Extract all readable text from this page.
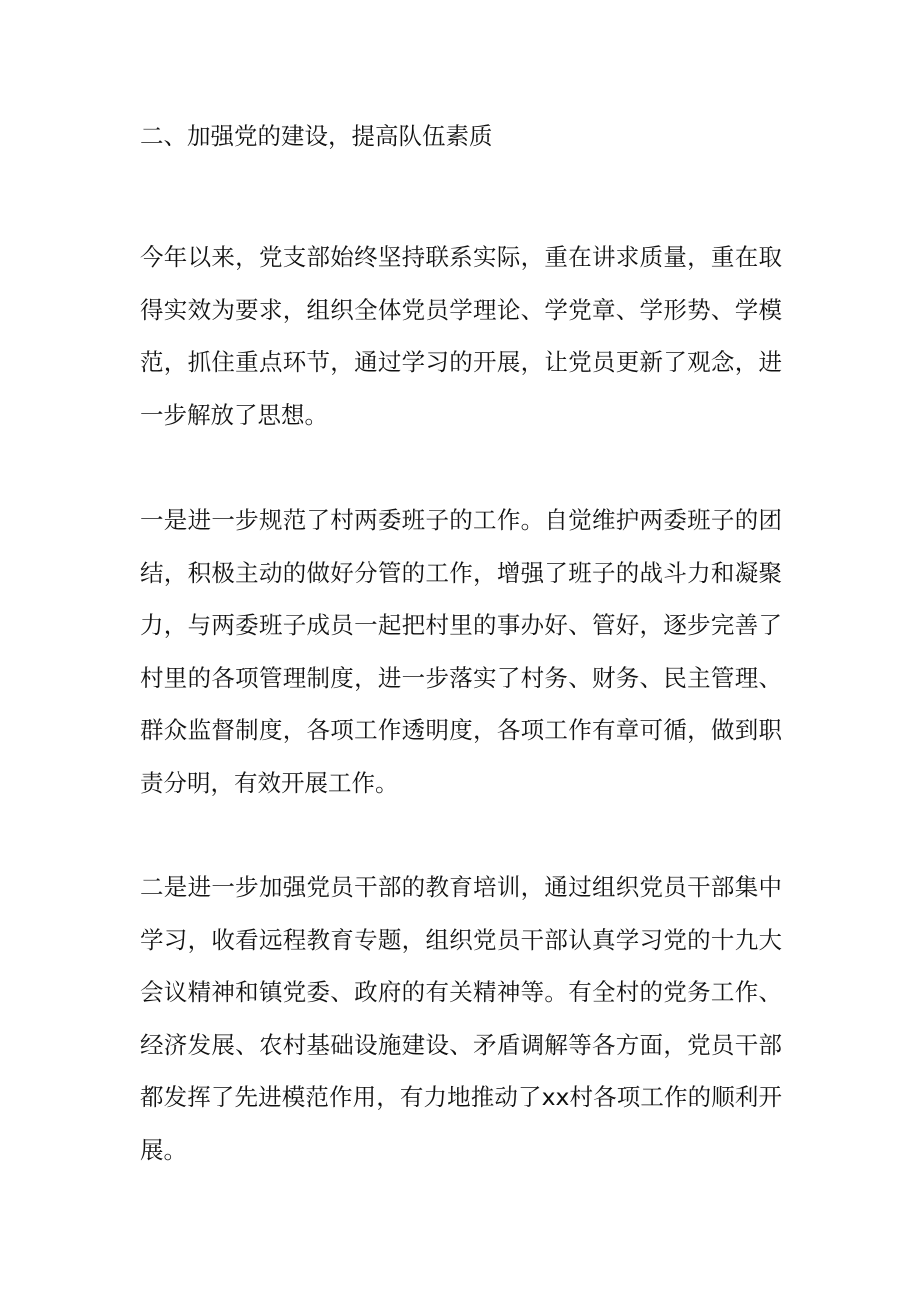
二、加强党的建设，提高队伍素质

今年以来，党支部始终坚持联系实际，重在讲求质量，重在取得实效为要求，组织全体党员学理论、学党章、学形势、学模范，抓住重点环节，通过学习的开展，让党员更新了观念，进一步解放了思想。

一是进一步规范了村两委班子的工作。自觉维护两委班子的团结，积极主动的做好分管的工作，增强了班子的战斗力和凝聚力，与两委班子成员一起把村里的事办好、管好，逐步完善了村里的各项管理制度，进一步落实了村务、财务、民主管理、群众监督制度，各项工作透明度，各项工作有章可循，做到职责分明，有效开展工作。

二是进一步加强党员干部的教育培训，通过组织党员干部集中学习，收看远程教育专题，组织党员干部认真学习党的十九大会议精神和镇党委、政府的有关精神等。有全村的党务工作、经济发展、农村基础设施建设、矛盾调解等各方面，党员干部都发挥了先进模范作用，有力地推动了xx村各项工作的顺利开展。
